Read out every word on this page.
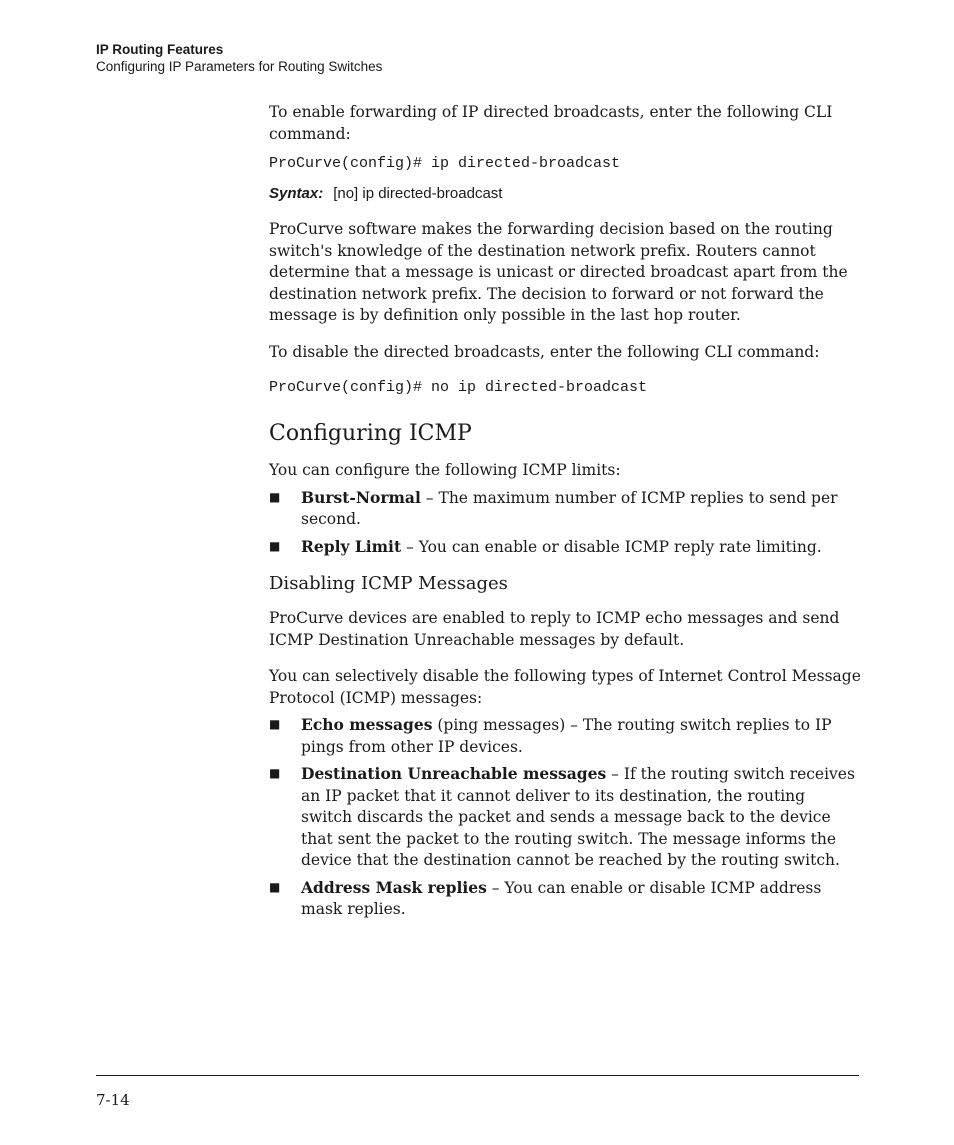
IP Routing Features
Configuring IP Parameters for Routing Switches

To enable forwarding of IP directed broadcasts, enter the following CLI command:

ProCurve(config)# ip directed-broadcast
Syntax: [no] ip directed-broadcast

ProCurve software makes the forwarding decision based on the routing switch's knowledge of the destination network prefix. Routers cannot determine that a message is unicast or directed broadcast apart from the destination network prefix. The decision to forward or not forward the message is by definition only possible in the last hop router.

To disable the directed broadcasts, enter the following CLI command:

ProCurve(config)# no ip directed-broadcast
Configuring ICMP

You can configure the following ICMP limits:

■ Burst-Normal – The maximum number of ICMP replies to send per second.
■ Reply Limit – You can enable or disable ICMP reply rate limiting.
Disabling ICMP Messages

ProCurve devices are enabled to reply to ICMP echo messages and send ICMP Destination Unreachable messages by default.

You can selectively disable the following types of Internet Control Message Protocol (ICMP) messages:

■ Echo messages (ping messages) – The routing switch replies to IP pings from other IP devices.
■ Destination Unreachable messages – If the routing switch receives an IP packet that it cannot deliver to its destination, the routing switch discards the packet and sends a message back to the device that sent the packet to the routing switch. The message informs the device that the destination cannot be reached by the routing switch.
■ Address Mask replies – You can enable or disable ICMP address mask replies.
7-14
